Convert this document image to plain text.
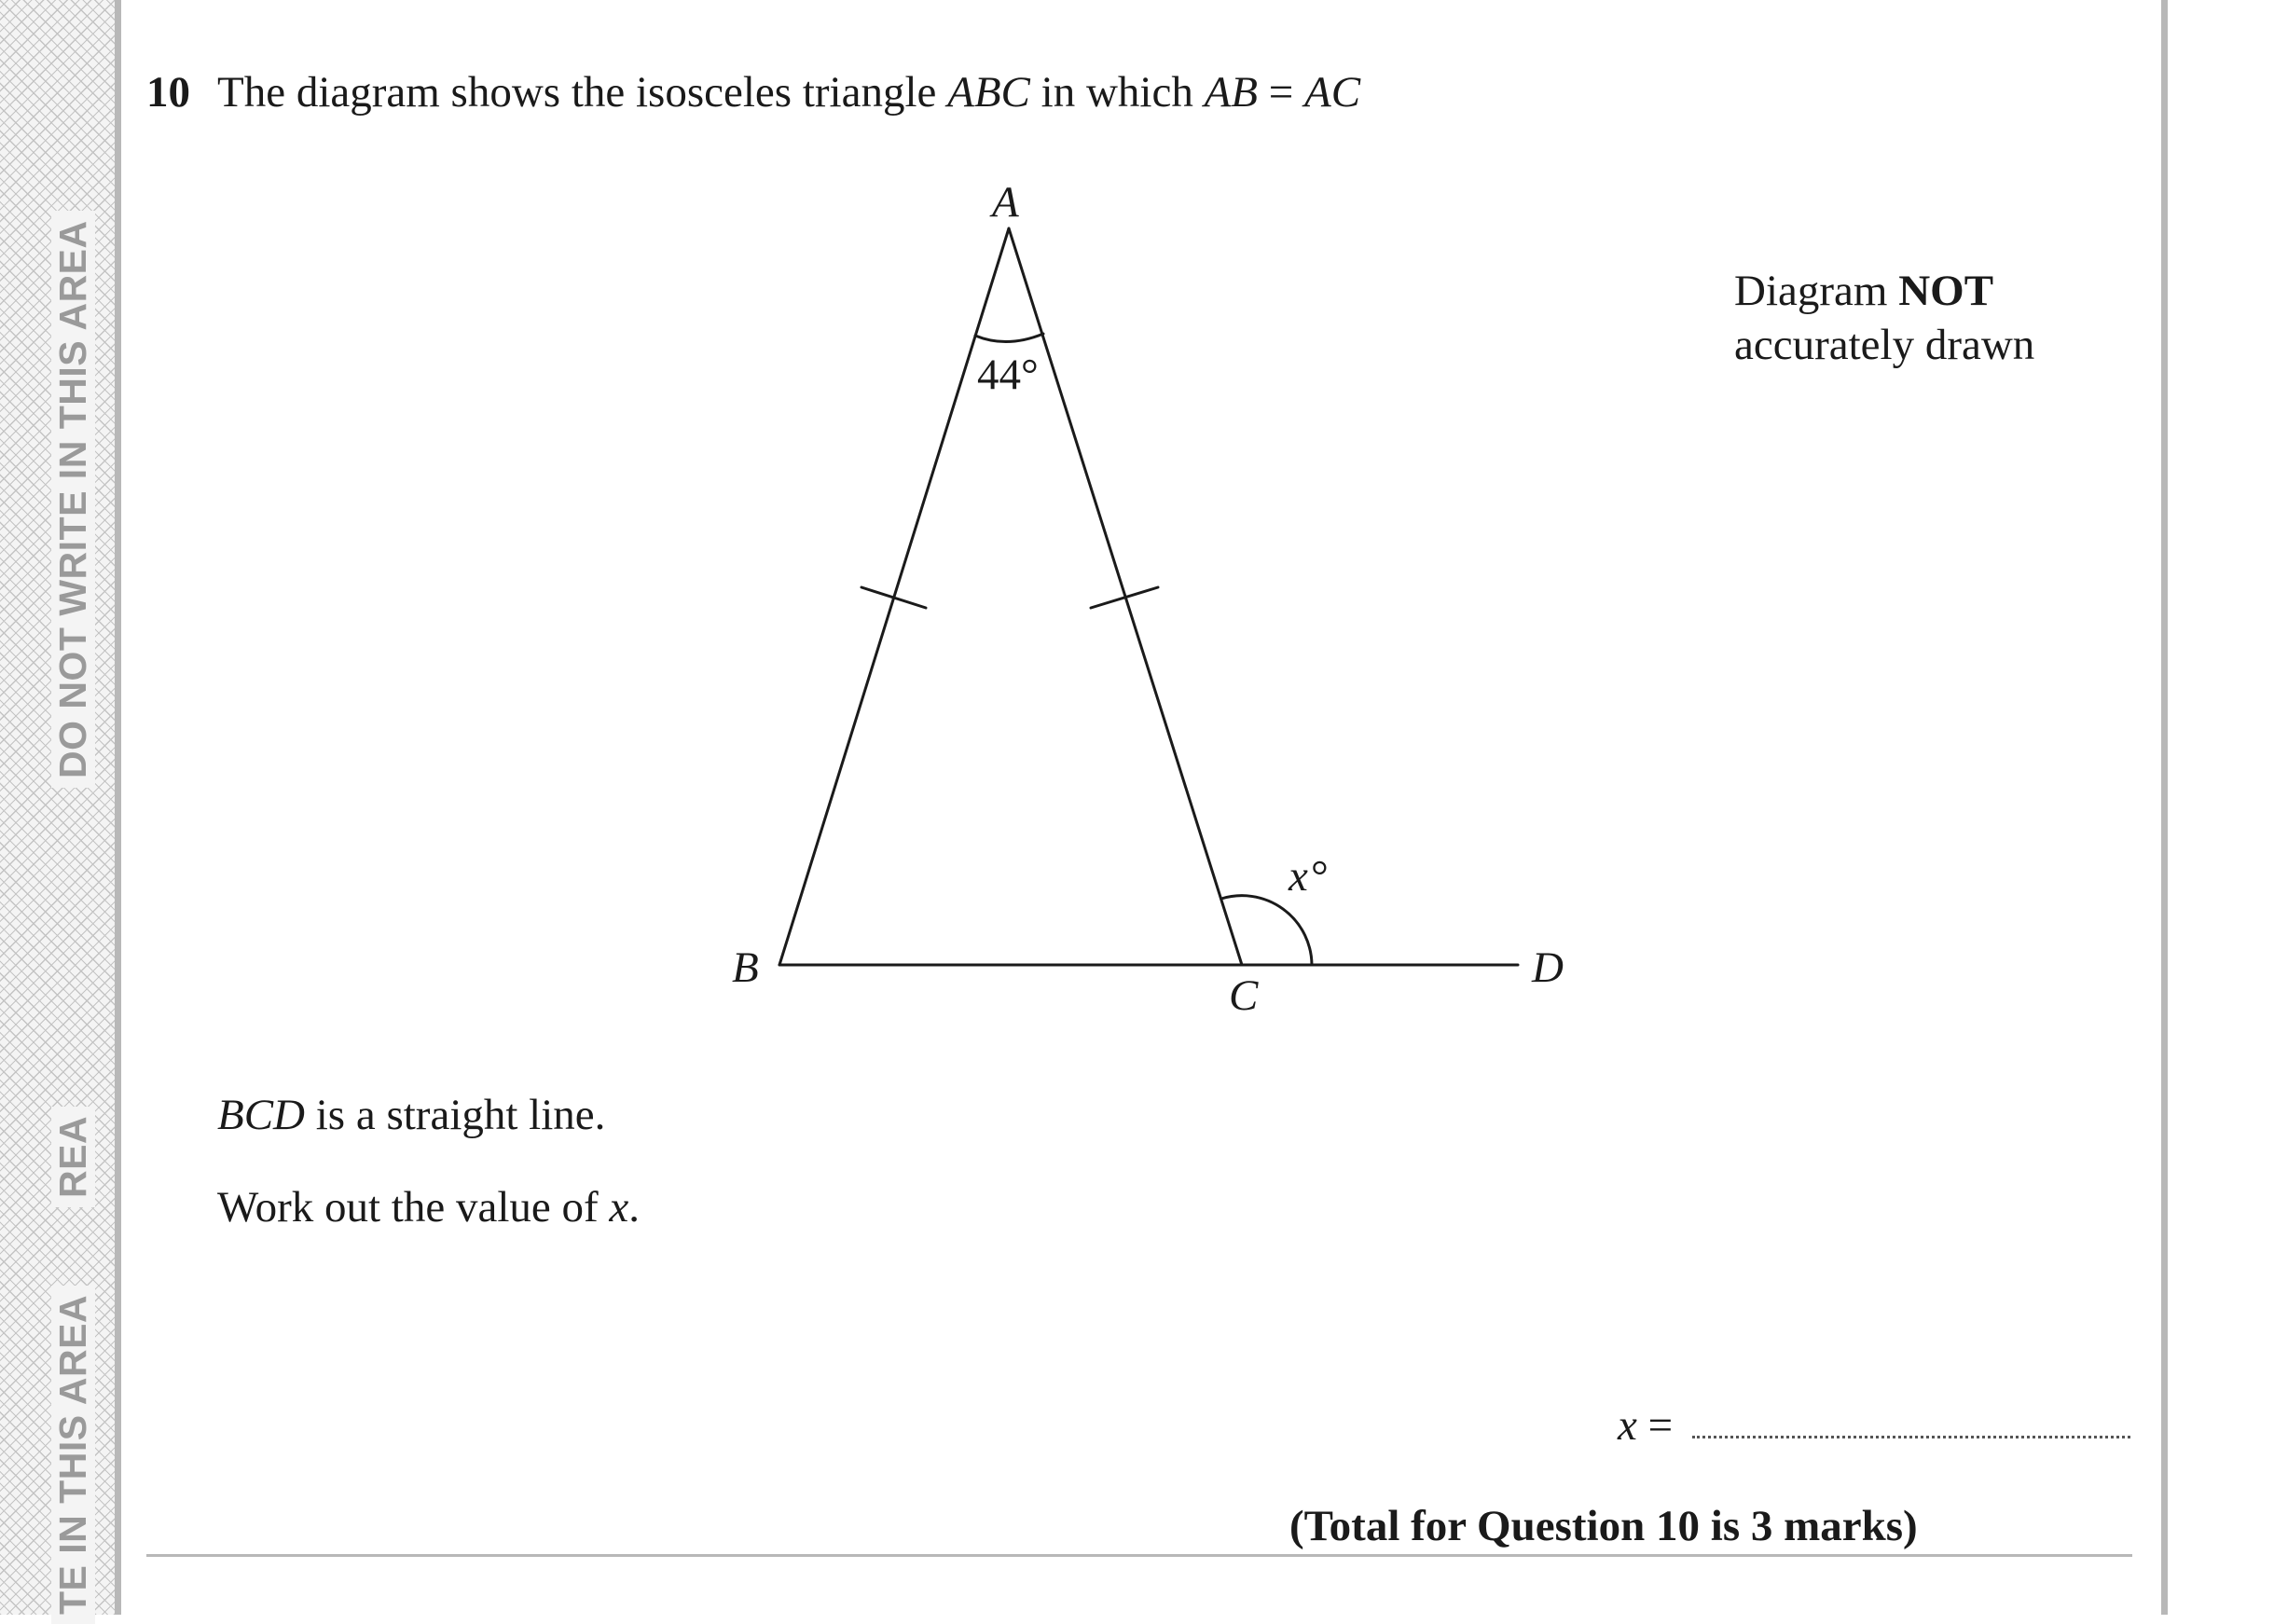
DO NOT WRITE IN THIS AREA
REA
TE IN THIS AREA
10 The diagram shows the isosceles triangle ABC in which AB = AC
A
B
C
D
44°
x °
Diagram NOT
accurately drawn
BCD is a straight line.
Work out the value of x.
x =
(Total for Question 10 is 3 marks)
